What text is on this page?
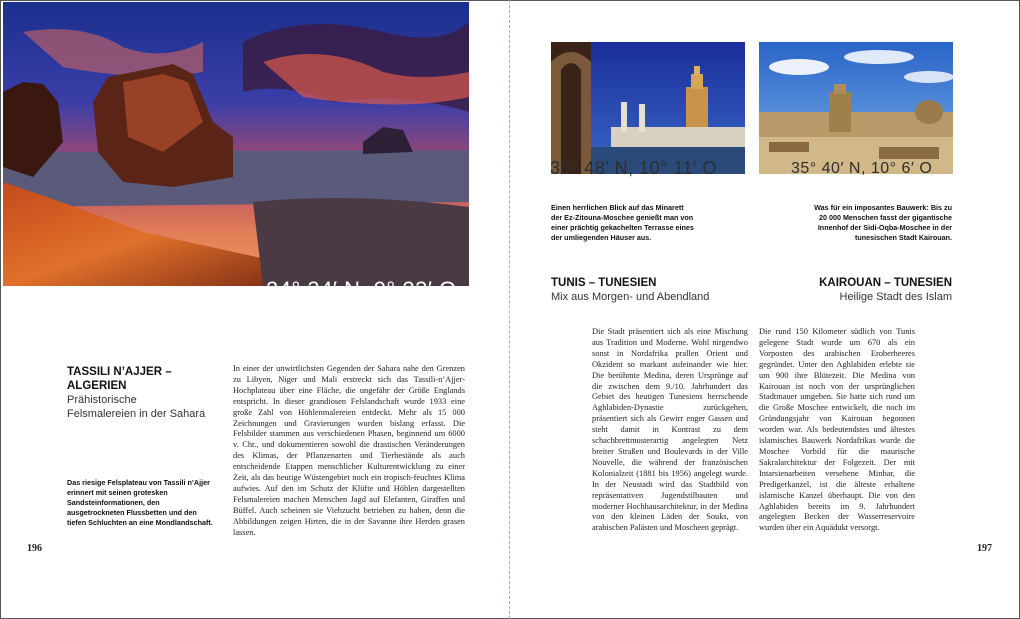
24° 34′ N, 9° 23′ O
TASSILI N’AJJER –
ALGERIEN
Prähistorische
Felsmalereien in der Sahara
Das riesige Felsplateau von Tassili n’Ajjer erinnert mit seinen grotesken Sandsteinformationen, den ausgetrockneten Flussbetten und den tiefen Schluchten an eine Mondlandschaft.
In einer der unwirtlichsten Gegenden der Sahara nahe den Grenzen zu Libyen, Niger und Mali erstreckt sich das Tassili-n’Ajjer-Hochplateau über eine Fläche, die ungefähr der Größe Englands entspricht. In dieser grandiosen Felslandschaft wurde 1933 eine große Zahl von Höhlenmalereien entdeckt. Mehr als 15 000 Zeichnungen und Gravierungen wurden bislang erfasst. Die Felsbilder stammen aus verschiedenen Phasen, beginnend um 6000 v. Chr., und dokumentieren sowohl die drastischen Veränderungen des Klimas, der Pflanzenarten und Tierbestände als auch entscheidende Etappen menschlicher Kulturentwicklung zu einer Zeit, als das heutige Wüstengebiet noch ein tropisch-feuchtes Klima aufwies. Auf den im Schutz der Klüfte und Höhlen dargestellten Felsmalereien machen Menschen Jagd auf Elefanten, Giraffen und Büffel. Auch scheinen sie Viehzucht betrieben zu haben, denn die Abbildungen zeigen Hirten, die in der Savanne ihre Herden grasen lassen.
196
36° 48′ N, 10° 11′ O	35° 40′ N, 10° 6′ O
Einen herrlichen Blick auf das Minarett der Ez-Zitouna-Moschee genießt man von einer prächtig gekachelten Terrasse eines der umliegenden Häuser aus.
Was für ein imposantes Bauwerk: Bis zu 20 000 Menschen fasst der gigantische Innenhof der Sidi-Oqba-Moschee in der tunesischen Stadt Kairouan.
TUNIS – TUNESIEN
Mix aus Morgen- und Abendland
KAIROUAN – TUNESIEN
Heilige Stadt des Islam
Die Stadt präsentiert sich als eine Mischung aus Tradition und Moderne. Wohl nirgendwo sonst in Nordafrika prallen Orient und Okzident so markant aufeinander wie hier. Die berühmte Medina, deren Ursprünge auf die zwischen dem 9./10. Jahrhundert das Gebiet des heutigen Tunesiens herrschende Aghlabiden-Dynastie zurückgehen, präsentiert sich als Gewirr enger Gassen und steht damit in Kontrast zu dem schachbrettmusterartig angelegten Netz breiter Straßen und Boulevards in der Ville Nouvelle, die während der französischen Kolonialzeit (1881 bis 1956) angelegt wurde. In der Neustadt wird das Stadtbild von repräsentativen Jugendstilbauten und moderner Hochhausarchitektur, in der Medina von den kleinen Läden der Souks, von arabischen Palästen und Moscheen geprägt.
Die rund 150 Kilometer südlich von Tunis gelegene Stadt wurde um 670 als ein Vorposten des arabischen Eroberheeres gegründet. Unter den Aghlabiden erlebte sie um 900 ihre Blütezeit. Die Medina von Kairouan ist noch von der ursprünglichen Stadtmauer umgeben. Sie hatte sich rund um die Große Moschee entwickelt, die noch im Gründungsjahr von Kairouan begonnen worden war. Als bedeutendstes und ältestes islamisches Bauwerk Nordafrikas wurde die Moschee Vorbild für die maurische Sakralarchitektur der Folgezeit. Der mit Intarsienarbeiten versehene Minbar, die Predigerkanzel, ist die älteste erhaltene islamische Kanzel überhaupt. Die von den Aghlabiden bereits im 9. Jahrhundert angelegten Becken der Wasserreservoire wurden über ein Aquädukt versorgt.
197
